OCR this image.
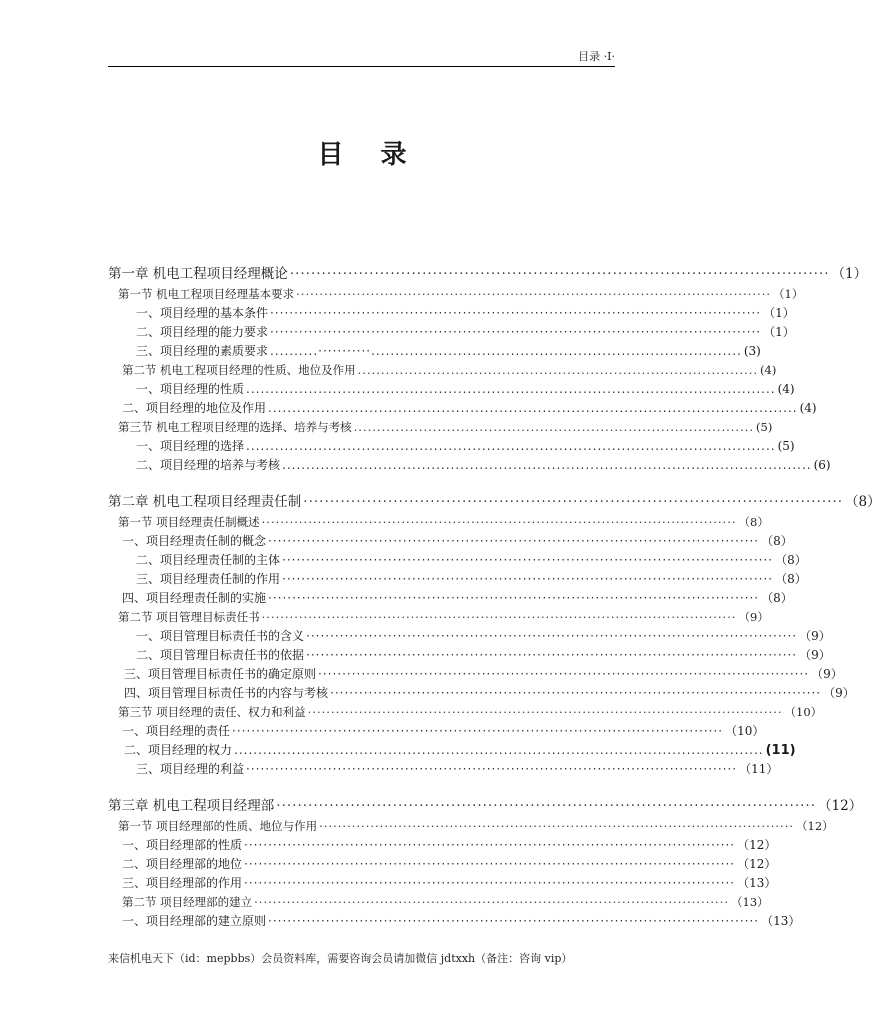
目录 ·I·
目 录
第一章 机电工程项目经理概论 ······································································································ （1）
第一节 机电工程项目经理基本要求 ······································································································ （1）
一、项目经理的基本条件 ······································································································ （1）
二、项目经理的能力要求 ······································································································ （1）
三、项目经理的素质要求 ..........···········............................................................................. (3)
第二节 机电工程项目经理的性质、地位及作用 ...................................................................................... (4)
一、项目经理的性质 .............................................................................................................. (4)
二、项目经理的地位及作用 .............................................................................................................. (4)
第三节 机电工程项目经理的选择、培养与考核 ...................................................................................... (5)
一、项目经理的选择 .............................................................................................................. (5)
二、项目经理的培养与考核 .............................................................................................................. (6)
第二章 机电工程项目经理责任制 ······································································································ （8）
第一节 项目经理责任制概述 ······································································································ （8）
一、项目经理责任制的概念 ······································································································ （8）
二、项目经理责任制的主体 ······································································································ （8）
三、项目经理责任制的作用 ······································································································ （8）
四、项目经理责任制的实施 ······································································································ （8）
第二节 项目管理目标责任书 ······································································································ （9）
一、项目管理目标责任书的含义 ······································································································ （9）
二、项目管理目标责任书的依据 ······································································································ （9）
三、项目管理目标责任书的确定原则 ······································································································ （9）
四、项目管理目标责任书的内容与考核 ······································································································ （9）
第三节 项目经理的责任、权力和利益 ······································································································ （10）
一、项目经理的责任 ······································································································ （10）
二、项目经理的权力 .............................................................................................................. (11)
三、项目经理的利益 ······································································································ （11）
第三章 机电工程项目经理部 ······································································································ （12）
第一节 项目经理部的性质、地位与作用 ······································································································ （12）
一、项目经理部的性质 ······································································································ （12）
二、项目经理部的地位 ······································································································ （12）
三、项目经理部的作用 ······································································································ （13）
第二节 项目经理部的建立 ······································································································ （13）
一、项目经理部的建立原则 ······································································································ （13）
来信机电天下（id：mepbbs）会员资料库，需要咨询会员请加微信 jdtxxh（备注：咨询 vip）
